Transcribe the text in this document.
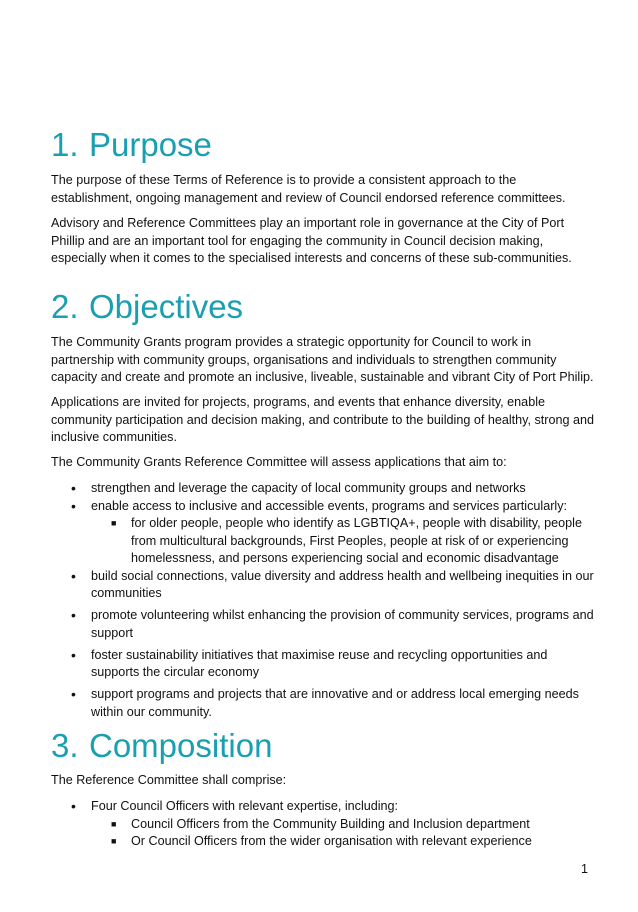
1. Purpose

The purpose of these Terms of Reference is to provide a consistent approach to the establishment, ongoing management and review of Council endorsed reference committees.

Advisory and Reference Committees play an important role in governance at the City of Port Phillip and are an important tool for engaging the community in Council decision making, especially when it comes to the specialised interests and concerns of these sub-communities.

2. Objectives

The Community Grants program provides a strategic opportunity for Council to work in partnership with community groups, organisations and individuals to strengthen community capacity and create and promote an inclusive, liveable, sustainable and vibrant City of Port Philip.

Applications are invited for projects, programs, and events that enhance diversity, enable community participation and decision making, and contribute to the building of healthy, strong and inclusive communities.

The Community Grants Reference Committee will assess applications that aim to:

• strengthen and leverage the capacity of local community groups and networks
• enable access to inclusive and accessible events, programs and services particularly:
■ for older people, people who identify as LGBTIQA+, people with disability, people from multicultural backgrounds, First Peoples, people at risk of or experiencing homelessness, and persons experiencing social and economic disadvantage
• build social connections, value diversity and address health and wellbeing inequities in our communities
• promote volunteering whilst enhancing the provision of community services, programs and support
• foster sustainability initiatives that maximise reuse and recycling opportunities and supports the circular economy
• support programs and projects that are innovative and or address local emerging needs within our community.
3. Composition

The Reference Committee shall comprise:

• Four Council Officers with relevant expertise, including:
■ Council Officers from the Community Building and Inclusion department
■ Or Council Officers from the wider organisation with relevant experience
1
